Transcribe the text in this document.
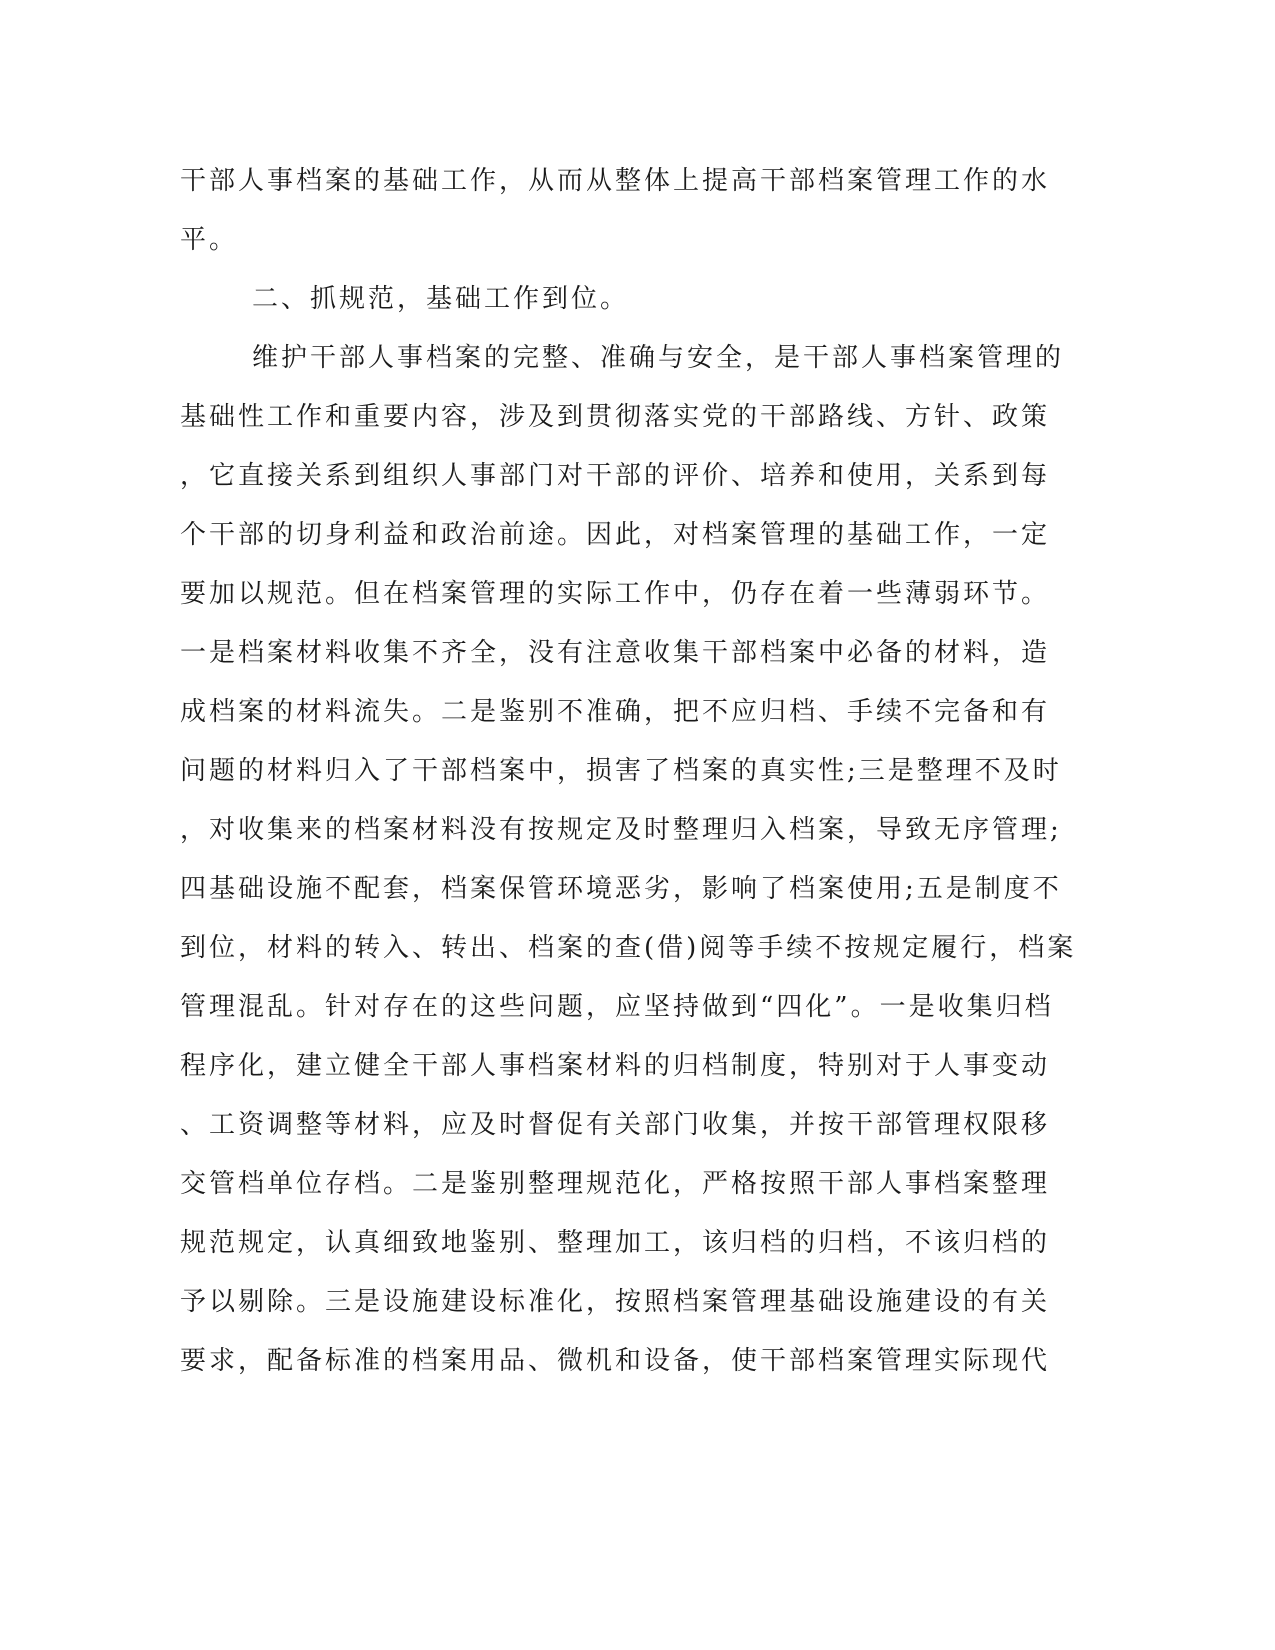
干部人事档案的基础工作，从而从整体上提高干部档案管理工作的水
平。
二、抓规范，基础工作到位。
维护干部人事档案的完整、准确与安全，是干部人事档案管理的
基础性工作和重要内容，涉及到贯彻落实党的干部路线、方针、政策
，它直接关系到组织人事部门对干部的评价、培养和使用，关系到每
个干部的切身利益和政治前途。因此，对档案管理的基础工作，一定
要加以规范。但在档案管理的实际工作中，仍存在着一些薄弱环节。
一是档案材料收集不齐全，没有注意收集干部档案中必备的材料，造
成档案的材料流失。二是鉴别不准确，把不应归档、手续不完备和有
问题的材料归入了干部档案中，损害了档案的真实性;三是整理不及时
，对收集来的档案材料没有按规定及时整理归入档案，导致无序管理;
四基础设施不配套，档案保管环境恶劣，影响了档案使用;五是制度不
到位，材料的转入、转出、档案的查(借)阅等手续不按规定履行，档案
管理混乱。针对存在的这些问题，应坚持做到“四化”。一是收集归档
程序化，建立健全干部人事档案材料的归档制度，特别对于人事变动
、工资调整等材料，应及时督促有关部门收集，并按干部管理权限移
交管档单位存档。二是鉴别整理规范化，严格按照干部人事档案整理
规范规定，认真细致地鉴别、整理加工，该归档的归档，不该归档的
予以剔除。三是设施建设标准化，按照档案管理基础设施建设的有关
要求，配备标准的档案用品、微机和设备，使干部档案管理实际现代
